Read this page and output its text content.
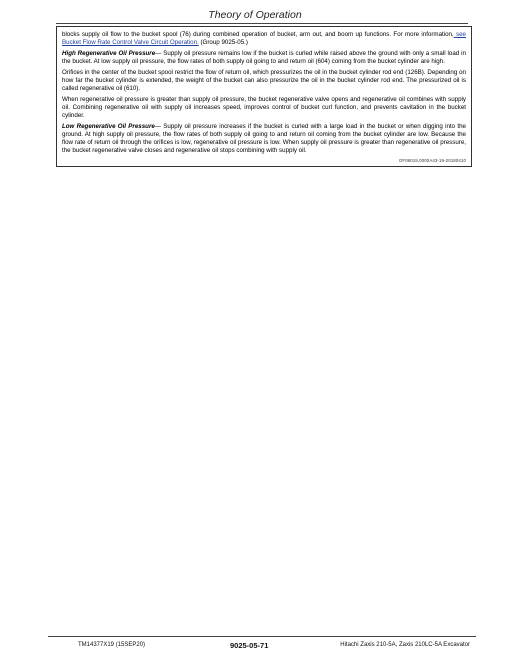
Theory of Operation

blocks supply oil flow to the bucket spool (76) during combined operation of bucket, arm out, and boom up functions. For more information, see Bucket Flow Rate Control Valve Circuit Operation. (Group 9025-05.)

High Regenerative Oil Pressure— Supply oil pressure remains low if the bucket is curled while raised above the ground with only a small load in the bucket. At low supply oil pressure, the flow rates of both supply oil going to and return oil (604) coming from the bucket cylinder are high.

Orifices in the center of the bucket spool restrict the flow of return oil, which pressurizes the oil in the bucket cylinder rod end (126B). Depending on how far the bucket cylinder is extended, the weight of the bucket can also pressurize the oil in the bucket cylinder rod end. The pressurized oil is called regenerative oil (610).

When regenerative oil pressure is greater than supply oil pressure, the bucket regenerative valve opens and regenerative oil combines with supply oil. Combining regenerative oil with supply oil increases speed, improves control of bucket curl function, and prevents cavitation in the bucket cylinder.

Low Regenerative Oil Pressure— Supply oil pressure increases if the bucket is curled with a large load in the bucket or when digging into the ground. At high supply oil pressure, the flow rates of both supply oil going to and return oil coming from the bucket cylinder are low. Because the flow rate of return oil through the orifices is low, regenerative oil pressure is low. When supply oil pressure is greater than regenerative oil pressure, the bucket regenerative valve closes and regenerative oil stops combining with supply oil.

OF09019,0000A43-19-20180410
TM14377X19 (15SEP20)	9025-05-71	Hitachi Zaxis 210-5A, Zaxis 210LC-5A Excavator
